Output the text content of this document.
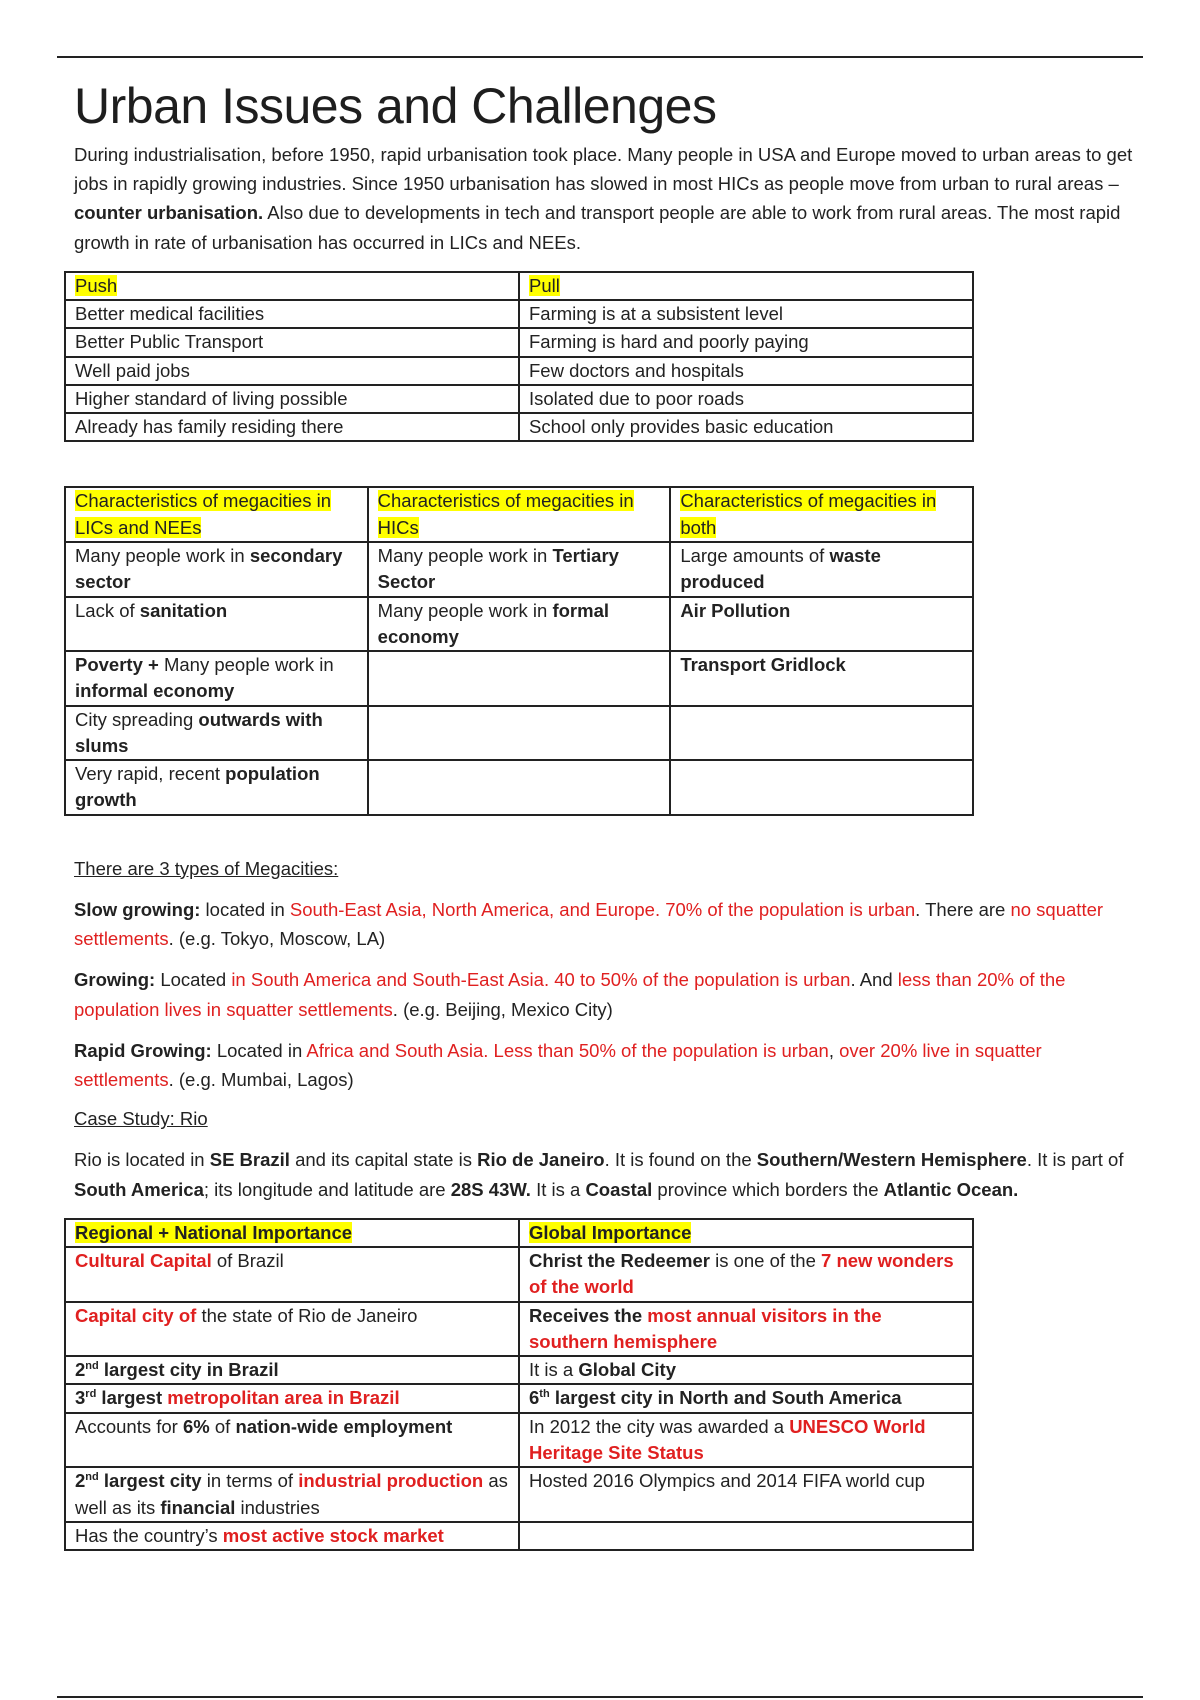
Urban Issues and Challenges

During industrialisation, before 1950, rapid urbanisation took place. Many people in USA and Europe moved to urban areas to get jobs in rapidly growing industries. Since 1950 urbanisation has slowed in most HICs as people move from urban to rural areas – counter urbanisation. Also due to developments in tech and transport people are able to work from rural areas. The most rapid growth in rate of urbanisation has occurred in LICs and NEEs.

Push	Pull
Better medical facilities	Farming is at a subsistent level
Better Public Transport	Farming is hard and poorly paying
Well paid jobs	Few doctors and hospitals
Higher standard of living possible	Isolated due to poor roads
Already has family residing there	School only provides basic education
Characteristics of megacities in LICs and NEEs	Characteristics of megacities in HICs	Characteristics of megacities in both
Many people work in secondary sector	Many people work in Tertiary Sector	Large amounts of waste produced
Lack of sanitation	Many people work in formal economy	Air Pollution
Poverty + Many people work in informal economy		Transport Gridlock
City spreading outwards with slums		
Very rapid, recent population growth		

There are 3 types of Megacities:

Slow growing: located in South-East Asia, North America, and Europe. 70% of the population is urban. There are no squatter settlements. (e.g. Tokyo, Moscow, LA)

Growing: Located in South America and South-East Asia. 40 to 50% of the population is urban. And less than 20% of the population lives in squatter settlements. (e.g. Beijing, Mexico City)

Rapid Growing: Located in Africa and South Asia. Less than 50% of the population is urban, over 20% live in squatter settlements. (e.g. Mumbai, Lagos)

Case Study: Rio

Rio is located in SE Brazil and its capital state is Rio de Janeiro. It is found on the Southern/Western Hemisphere. It is part of South America; its longitude and latitude are 28S 43W. It is a Coastal province which borders the Atlantic Ocean.

Regional + National Importance	Global Importance
Cultural Capital of Brazil	Christ the Redeemer is one of the 7 new wonders of the world
Capital city of the state of Rio de Janeiro	Receives the most annual visitors in the southern hemisphere
2nd largest city in Brazil	It is a Global City
3rd largest metropolitan area in Brazil	6th largest city in North and South America
Accounts for 6% of nation-wide employment	In 2012 the city was awarded a UNESCO World Heritage Site Status
2nd largest city in terms of industrial production as well as its financial industries	Hosted 2016 Olympics and 2014 FIFA world cup
Has the country’s most active stock market	
